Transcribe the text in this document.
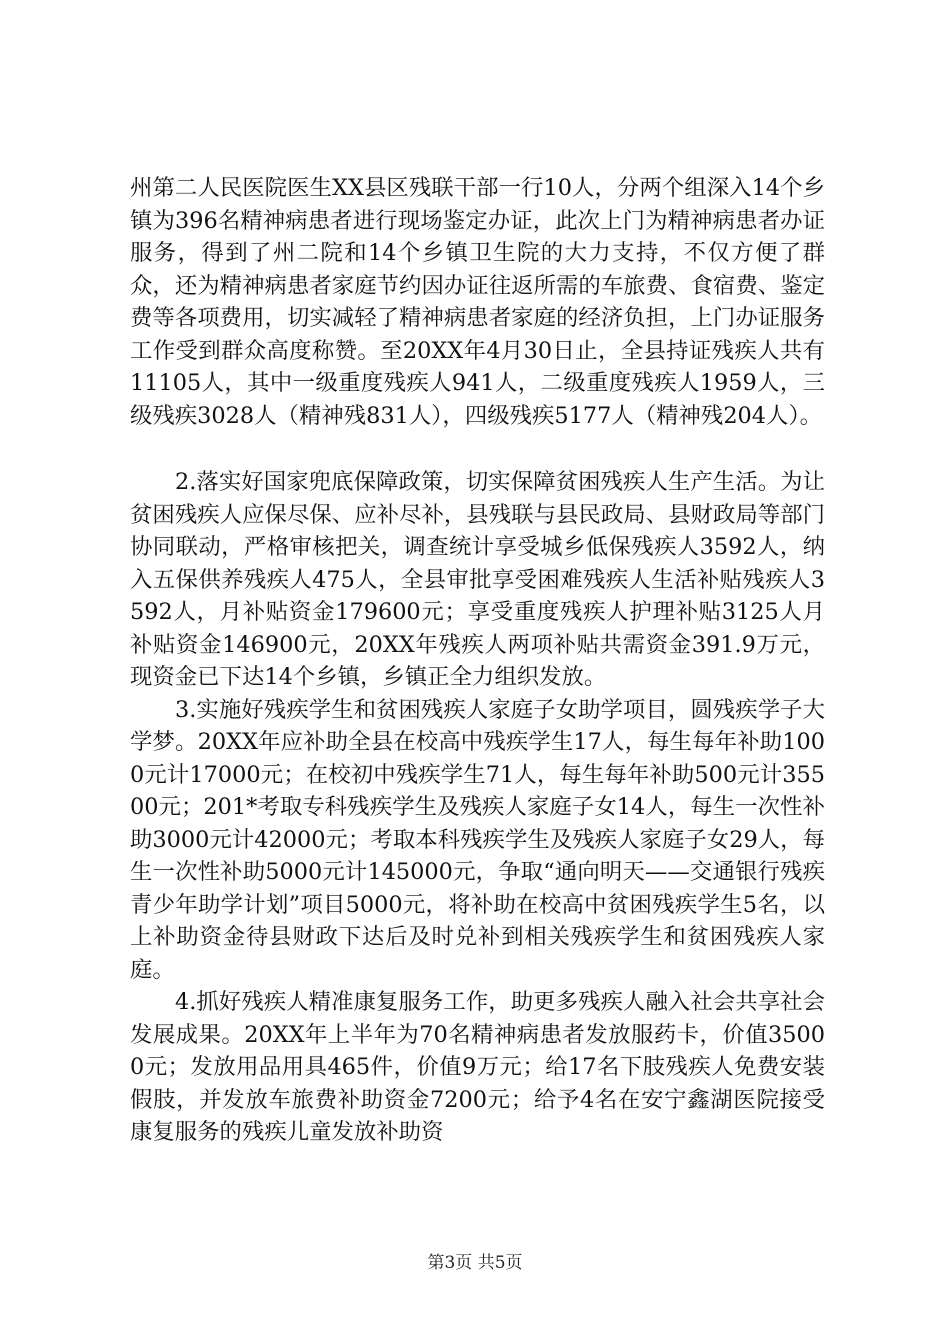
州第二人民医院医生XX县区残联干部一行10人，分两个组深入14个乡镇为396名精神病患者进行现场鉴定办证，此次上门为精神病患者办证服务，得到了州二院和14个乡镇卫生院的大力支持，不仅方便了群众，还为精神病患者家庭节约因办证往返所需的车旅费、食宿费、鉴定费等各项费用，切实减轻了精神病患者家庭的经济负担，上门办证服务工作受到群众高度称赞。至20XX年4月30日止，全县持证残疾人共有11105人，其中一级重度残疾人941人，二级重度残疾人1959人，三级残疾3028人（精神残831人），四级残疾5177人（精神残204人）。

2.落实好国家兜底保障政策，切实保障贫困残疾人生产生活。为让贫困残疾人应保尽保、应补尽补，县残联与县民政局、县财政局等部门协同联动，严格审核把关，调查统计享受城乡低保残疾人3592人，纳入五保供养残疾人475人，全县审批享受困难残疾人生活补贴残疾人3592人，月补贴资金179600元；享受重度残疾人护理补贴3125人月补贴资金146900元，20XX年残疾人两项补贴共需资金391.9万元，现资金已下达14个乡镇，乡镇正全力组织发放。

3.实施好残疾学生和贫困残疾人家庭子女助学项目，圆残疾学子大学梦。20XX年应补助全县在校高中残疾学生17人，每生每年补助1000元计17000元；在校初中残疾学生71人，每生每年补助500元计35500元；201*考取专科残疾学生及残疾人家庭子女14人，每生一次性补助3000元计42000元；考取本科残疾学生及残疾人家庭子女29人，每生一次性补助5000元计145000元，争取“通向明天——交通银行残疾青少年助学计划”项目5000元，将补助在校高中贫困残疾学生5名，以上补助资金待县财政下达后及时兑补到相关残疾学生和贫困残疾人家庭。

4.抓好残疾人精准康复服务工作，助更多残疾人融入社会共享社会发展成果。20XX年上半年为70名精神病患者发放服药卡，价值35000元；发放用品用具465件，价值9万元；给17名下肢残疾人免费安装假肢，并发放车旅费补助资金7200元；给予4名在安宁鑫湖医院接受康复服务的残疾儿童发放补助资

第3页 共5页
